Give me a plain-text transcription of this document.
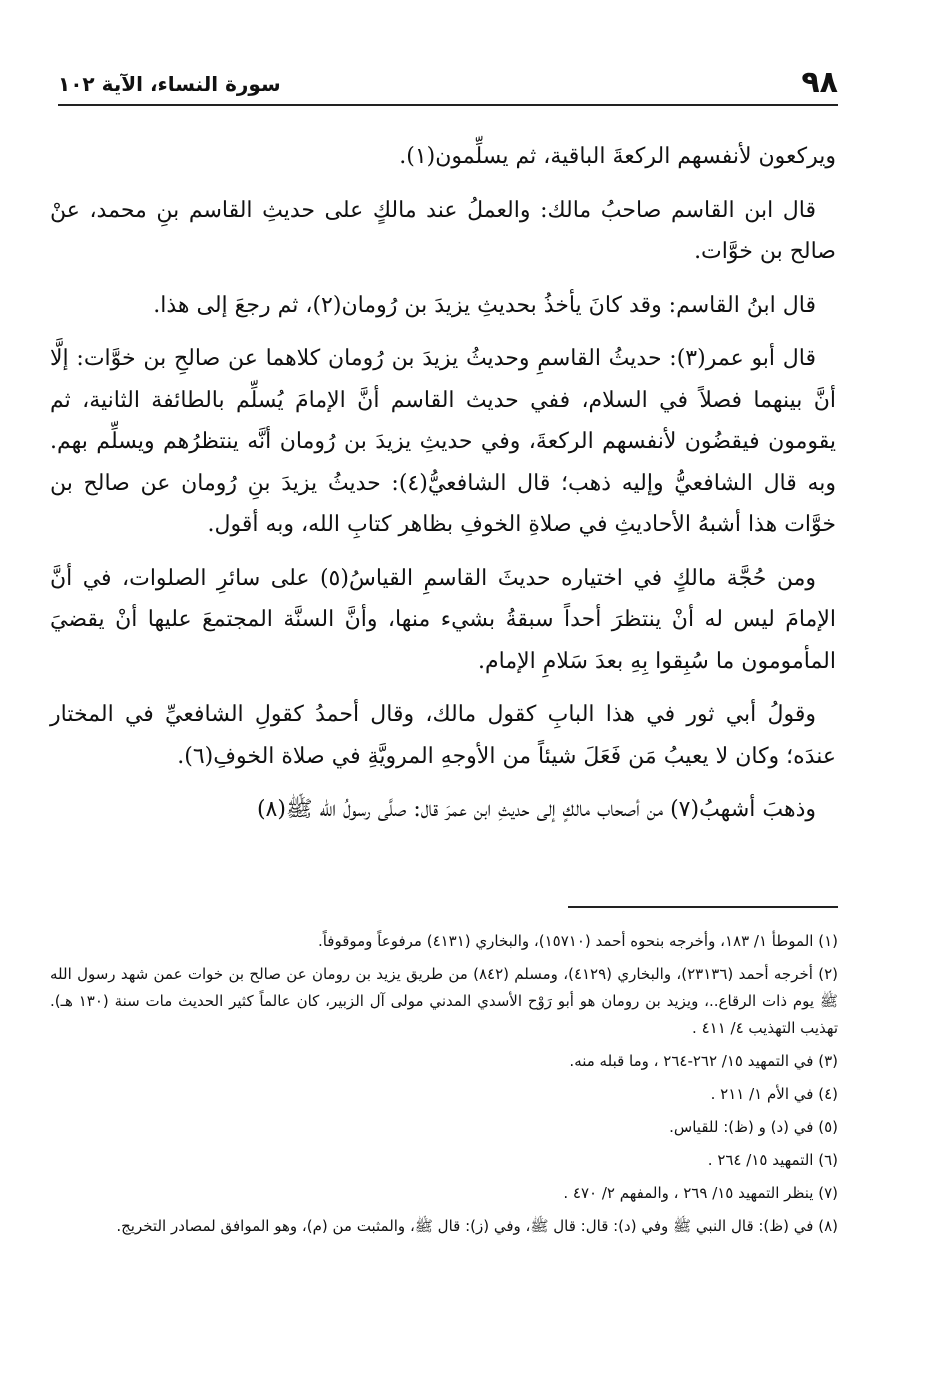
٩٨
سورة النساء، الآية ١٠٢

ويركعون لأنفسهم الركعةَ الباقية، ثم يسلِّمون(١).

قال ابن القاسم صاحبُ مالك: والعملُ عند مالكٍ على حديثِ القاسم بنِ محمد، عنْ صالح بن خوَّات.

قال ابنُ القاسم: وقد كانَ يأخذُ بحديثِ يزيدَ بن رُومان(٢)، ثم رجعَ إلى هذا.

قال أبو عمر(٣): حديثُ القاسمِ وحديثُ يزيدَ بن رُومان كلاهما عن صالحِ بن خوَّات: إلَّا أنَّ بينهما فصلاً في السلام، ففي حديث القاسم أنَّ الإمامَ يُسلِّم بالطائفة الثانية، ثم يقومون فيقضُون لأنفسهم الركعةَ، وفي حديثِ يزيدَ بن رُومان أنَّه ينتظرُهم ويسلِّم بهم. وبه قال الشافعيُّ وإليه ذهب؛ قال الشافعيُّ(٤): حديثُ يزيدَ بنِ رُومان عن صالح بن خوَّات هذا أشبهُ الأحاديثِ في صلاةِ الخوفِ بظاهر كتابِ الله، وبه أقول.

ومن حُجَّة مالكٍ في اختياره حديثَ القاسمِ القياسُ(٥) على سائرِ الصلوات، في أنَّ الإمامَ ليس له أنْ ينتظرَ أحداً سبقةُ بشيء منها، وأنَّ السنَّة المجتمعَ عليها أنْ يقضيَ المأمومون ما سُبِقوا بِهِ بعدَ سَلامِ الإمام.

وقولُ أبي ثور في هذا البابِ كقول مالك، وقال أحمدُ كقولِ الشافعيِّ في المختار عندَه؛ وكان لا يعيبُ مَن فَعَلَ شيئاً من الأوجهِ المرويَّةِ في صلاة الخوفِ(٦).

وذهبَ أشهبُ(٧) من أصحاب مالكٍ إلى حديثِ ابن عمرَ قال: صلَّى رسولُ الله ﷺ(٨)

(١) الموطأ ١/ ١٨٣، وأخرجه بنحوه أحمد (١٥٧١٠)، والبخاري (٤١٣١) مرفوعاً وموقوفاً.
(٢) أخرجه أحمد (٢٣١٣٦)، والبخاري (٤١٢٩)، ومسلم (٨٤٢) من طريق يزيد بن رومان عن صالح بن خوات عمن شهد رسول الله ﷺ يوم ذات الرقاع..، ويزيد بن رومان هو أبو رَوْح الأسدي المدني مولى آل الزبير، كان عالماً كثير الحديث مات سنة (١٣٠ هـ). تهذيب التهذيب ٤/ ٤١١ .
(٣) في التمهيد ١٥/ ٢٦٢-٢٦٤ ، وما قبله منه.
(٤) في الأم ١/ ٢١١ .
(٥) في (د) و (ظ): للقياس.
(٦) التمهيد ١٥/ ٢٦٤ .
(٧) ينظر التمهيد ١٥/ ٢٦٩ ، والمفهم ٢/ ٤٧٠ .
(٨) في (ظ): قال النبي ﷺ وفي (د): قال: قال ﷺ، وفي (ز): قال ﷺ، والمثبت من (م)، وهو الموافق لمصادر التخريج.
